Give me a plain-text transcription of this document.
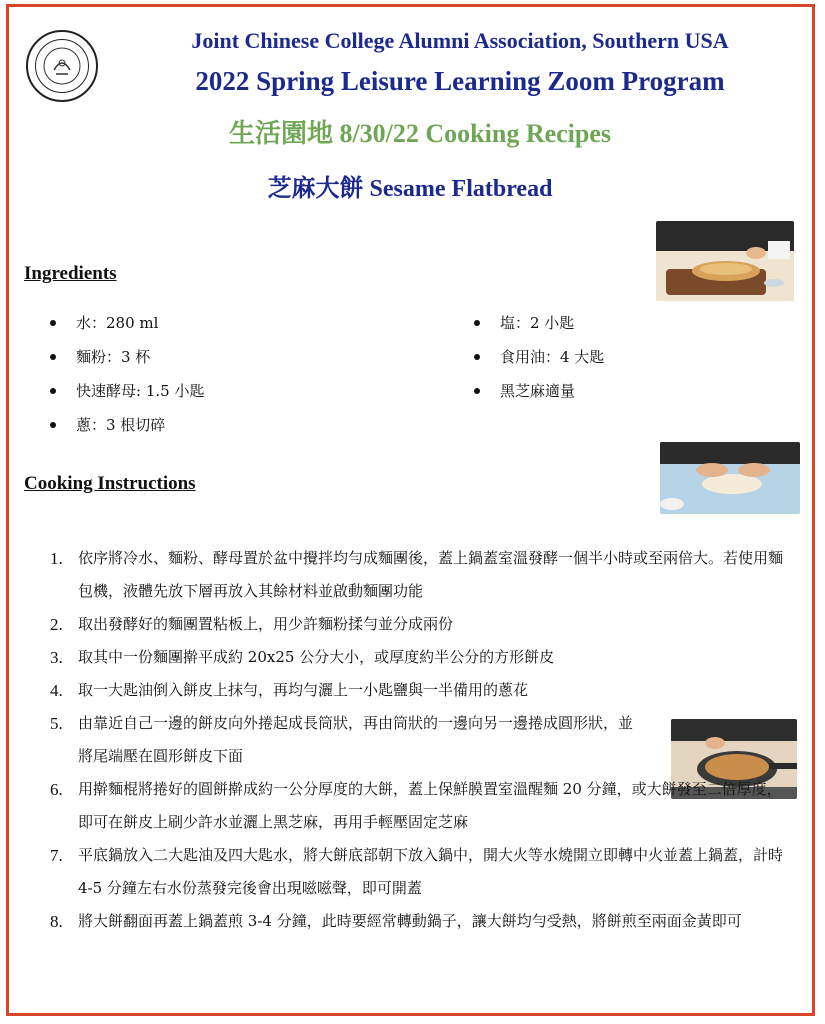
Joint Chinese College Alumni Association, Southern USA
2022 Spring Leisure Learning Zoom Program
生活園地 8/30/22 Cooking Recipes
芝麻大餅 Sesame Flatbread
Ingredients
水：280 ml
麵粉：3 杯
快速酵母: 1.5 小匙
蔥：3 根切碎
塩：2 小匙
食用油：4 大匙
黑芝麻適量
Cooking Instructions
1. 依序將冷水、麵粉、酵母置於盆中攪拌均勻成麵團後，蓋上鍋蓋室溫發酵一個半小時或至兩倍大。若使用麵包機，液體先放下層再放入其餘材料並啟動麵團功能
2. 取出發酵好的麵團置粘板上，用少許麵粉揉勻並分成兩份
3. 取其中一份麵團擀平成約 20x25 公分大小，或厚度約半公分的方形餅皮
4. 取一大匙油倒入餅皮上抹勻，再均勻灑上一小匙鹽與一半備用的蔥花
5. 由靠近自己一邊的餅皮向外捲起成長筒狀，再由筒狀的一邊向另一邊捲成圓形狀，並將尾端壓在圓形餅皮下面
6. 用擀麵棍將捲好的圓餅擀成約一公分厚度的大餅，蓋上保鮮膜置室溫醒麵 20 分鐘，或大餅發至二倍厚度，即可在餅皮上刷少許水並灑上黑芝麻，再用手輕壓固定芝麻
7. 平底鍋放入二大匙油及四大匙水，將大餅底部朝下放入鍋中，開大火等水燒開立即轉中火並蓋上鍋蓋，計時 4-5 分鐘左右水份蒸發完後會出現嗞嗞聲，即可開蓋
8. 將大餅翻面再蓋上鍋蓋煎 3-4 分鐘，此時要經常轉動鍋子，讓大餅均勻受熱，將餅煎至兩面金黃即可
